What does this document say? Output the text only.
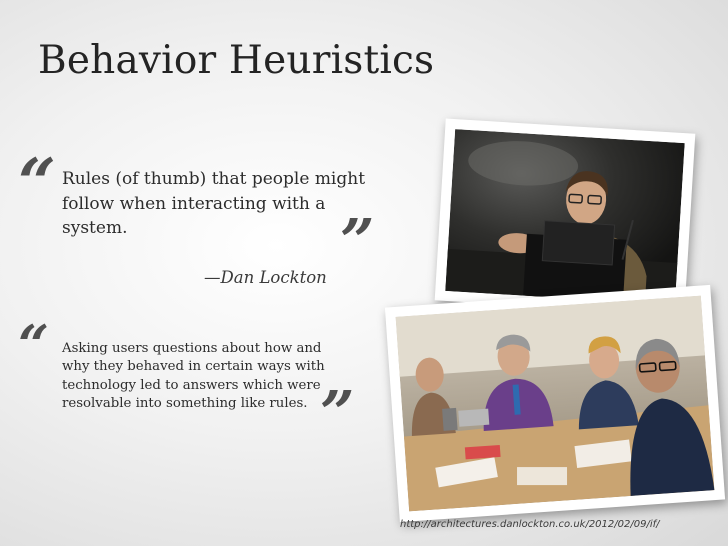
Behavior Heuristics
“ Rules (of thumb) that people might follow when interacting with a system.	”

—Dan Lockton

“ Asking users questions about how and why they behaved in certain ways with technology led to answers which were resolvable into something like rules. ”
http://architectures.danlockton.co.uk/2012/02/09/if/
